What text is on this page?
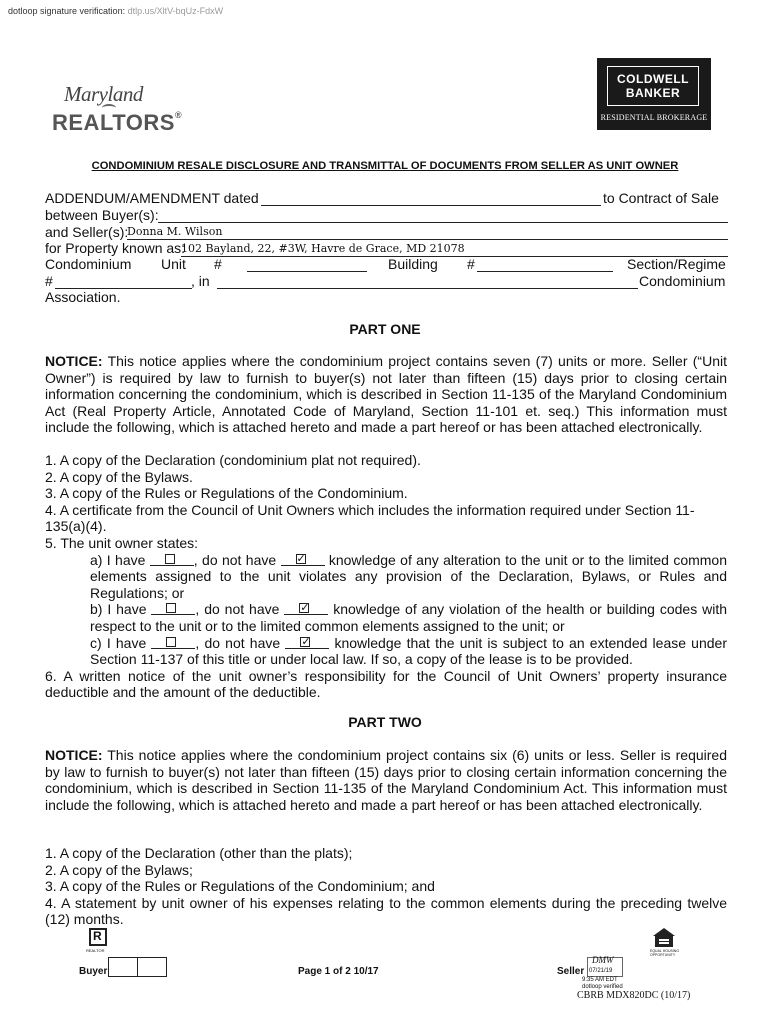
dotloop signature verification: dtlp.us/XltV-bqUz-FdxW
Maryland
REALTORS®
COLDWELL
BANKER
RESIDENTIAL BROKERAGE
CONDOMINIUM RESALE DISCLOSURE AND TRANSMITTAL OF DOCUMENTS FROM SELLER AS UNIT OWNER
ADDENDUM/AMENDMENT dated	to Contract of Sale
between Buyer(s):
and Seller(s):
Donna M. Wilson
for Property known as:
102 Bayland, 22, #3W, Havre de Grace, MD 21078
Condominium Unit #	Building #	Section/Regime
#	, in	Condominium
Association.
PART ONE
NOTICE: This notice applies where the condominium project contains seven (7) units or more. Seller (“Unit Owner”) is required by law to furnish to buyer(s) not later than fifteen (15) days prior to closing certain information concerning the condominium, which is described in Section 11-135 of the Maryland Condominium Act (Real Property Article, Annotated Code of Maryland, Section 11-101 et. seq.) This information must include the following, which is attached hereto and made a part hereof or has been attached electronically.
1. A copy of the Declaration (condominium plat not required).
2. A copy of the Bylaws.
3. A copy of the Rules or Regulations of the Condominium.
4. A certificate from the Council of Unit Owners which includes the information required under Section 11-135(a)(4).
5. The unit owner states:
a) I have	, do not have ✓	knowledge of any alteration to the unit or to the limited common elements assigned to the unit violates any provision of the Declaration, Bylaws, or Rules and Regulations; or
b) I have	, do not have ✓	knowledge of any violation of the health or building codes with respect to the unit or to the limited common elements assigned to the unit; or
c) I have	, do not have ✓	knowledge that the unit is subject to an extended lease under Section 11-137 of this title or under local law. If so, a copy of the lease is to be provided.
6. A written notice of the unit owner’s responsibility for the Council of Unit Owners’ property insurance deductible and the amount of the deductible.
PART TWO
NOTICE: This notice applies where the condominium project contains six (6) units or less. Seller is required by law to furnish to buyer(s) not later than fifteen (15) days prior to closing certain information concerning the condominium, which is described in Section 11-135 of the Maryland Condominium Act. This information must include the following, which is attached hereto and made a part hereof or has been attached electronically.
1. A copy of the Declaration (other than the plats);
2. A copy of the Bylaws;
3. A copy of the Rules or Regulations of the Condominium; and
4. A statement by unit owner of his expenses relating to the common elements during the preceding twelve (12) months.
R
REALTOR	EQUAL HOUSING OPPORTUNITY
Buyer	Page 1 of 2 10/17	Seller
DMW
07/21/19
9:35 AM EDT
dotloop verified
CBRB MDX820DC (10/17)
